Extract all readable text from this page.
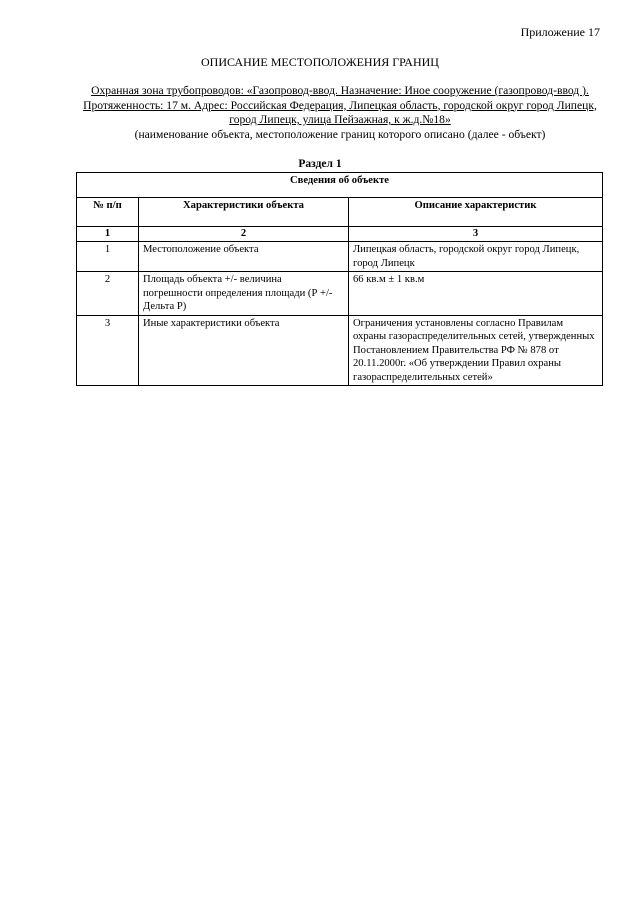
Приложение 17

ОПИСАНИЕ МЕСТОПОЛОЖЕНИЯ ГРАНИЦ

Охранная зона трубопроводов: «Газопровод-ввод. Назначение: Иное сооружение (газопровод-ввод ). Протяженность: 17 м. Адрес: Российская Федерация, Липецкая область, городской округ город Липецк, город Липецк, улица Пейзажная, к ж.д.№18»
(наименование объекта, местоположение границ которого описано (далее - объект)

Раздел 1

Сведения об объекте		
№ п/п	Характеристики объекта	Описание характеристик
1	2	3
1	Местоположение объекта	Липецкая область, городской округ город Липецк, город Липецк
2	Площадь объекта +/- величина погрешности определения площади (Р +/- Дельта Р)	66 кв.м ± 1 кв.м
3	Иные характеристики объекта	Ограничения установлены согласно Правилам охраны газораспределительных сетей, утвержденных Постановлением Правительства РФ № 878 от 20.11.2000г. «Об утверждении Правил охраны газораспределительных сетей»
